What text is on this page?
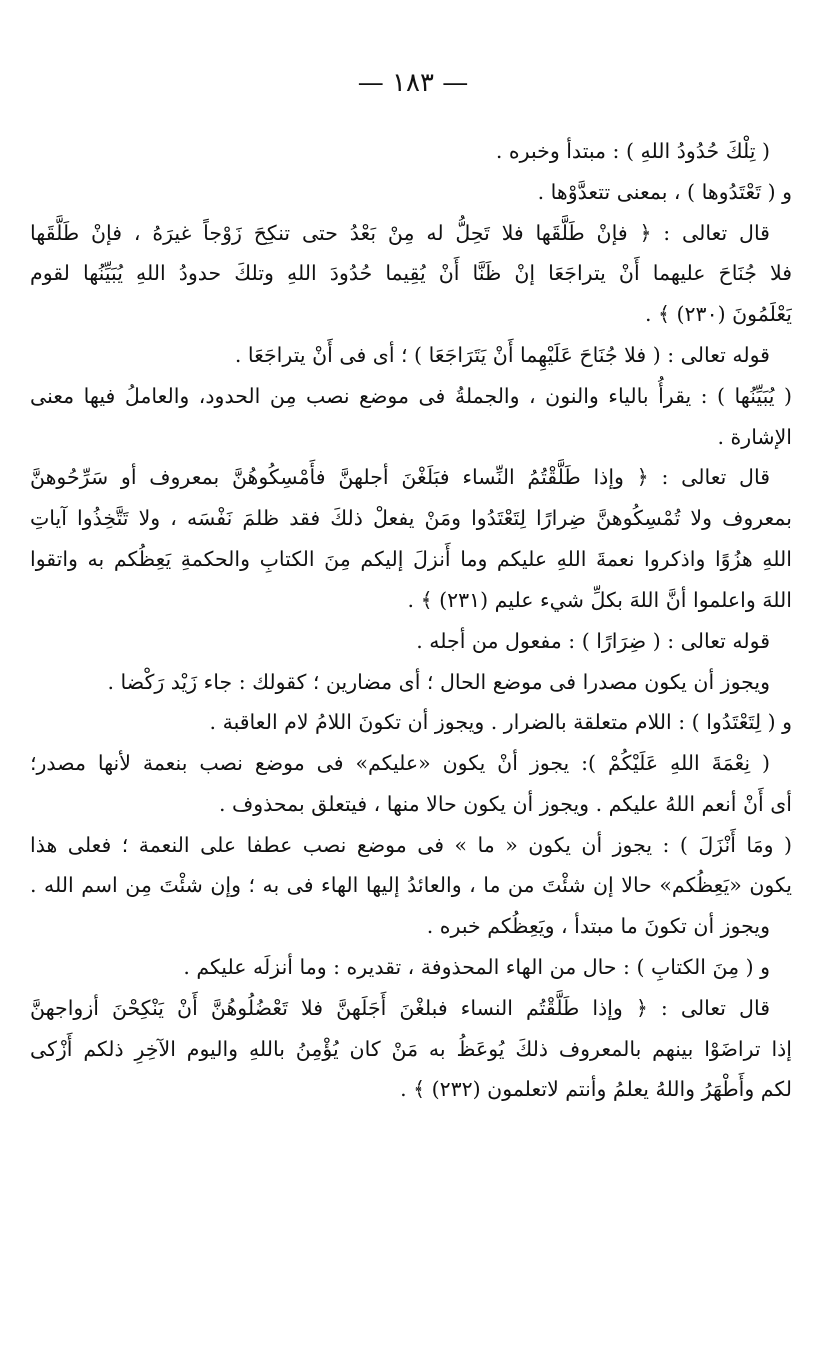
— ١٨٣ —
( تِلْكَ حُدُودُ اللهِ ) : مبتدأ وخبره .
و ( تَعْتَدُوها ) ، بمعنى تتعدَّوْها .
قال تعالى : ﴿ فإنْ طَلَّقَها فلا تَحِلُّ له مِنْ بَعْدُ حتى تنكِحَ زَوْجاً غيرَهُ ، فإنْ طَلَّقَها
فلا جُنَاحَ عليهما أَنْ يتراجَعَا إنْ ظَنَّا أَنْ يُقِيما حُدُودَ اللهِ وتلكَ حدودُ اللهِ يُبَيِّنُها لقوم
يَعْلَمُونَ (٢٣٠) ﴾ .
قوله تعالى : ( فلا جُنَاحَ عَلَيْهِما أَنْ يَتَرَاجَعَا ) ؛ أى فى أَنْ يتراجَعَا .
( يُبَيِّنُها ) : يقرأُ بالياء والنون ، والجملةُ فى موضع نصب مِن الحدود، والعاملُ فيها معنى
الإشارة .
قال تعالى : ﴿ وإذا طَلَّقْتُمُ النِّساء فبَلَغْنَ أجلهنَّ فأَمْسِكُوهُنَّ بمعروف أو سَرِّحُوهنَّ
بمعروف ولا تُمْسِكُوهنَّ ضِرارًا لِتَعْتَدُوا ومَنْ يفعلْ ذلكَ فقد ظلمَ نَفْسَه ، ولا تَتَّخِذُوا آياتِ
اللهِ هزُوًا واذكروا نعمةَ اللهِ عليكم وما أَنزلَ إليكم مِنَ الكتابِ والحكمةِ يَعِظُكم به واتقوا
اللهَ واعلموا أنَّ اللهَ بكلِّ شيء عليم (٢٣١) ﴾ .
قوله تعالى : ( ضِرَارًا ) : مفعول من أجله .
ويجوز أن يكون مصدرا فى موضع الحال ؛ أى مضارين ؛ كقولك : جاء زَيْد رَكْضا .
و ( لِتَعْتَدُوا ) : اللام متعلقة بالضرار . ويجوز أن تكونَ اللامُ لام العاقبة .
( نِعْمَةَ اللهِ عَلَيْكُمْ ): يجوز أنْ يكون «عليكم» فى موضع نصب بنعمة لأنها مصدر؛
أى أَنْ أنعم اللهُ عليكم . ويجوز أن يكون حالا منها ، فيتعلق بمحذوف .
( ومَا أَنْزَلَ ) : يجوز أن يكون « ما » فى موضع نصب عطفا على النعمة ؛ فعلى هذا
يكون «يَعِظُكم» حالا إن شئْتَ من ما ، والعائدُ إليها الهاء فى به ؛ وإن شئْتَ مِن اسم الله .
ويجوز أن تكونَ ما مبتدأ ، ويَعِظُكم خبره .
و ( مِنَ الكتابِ ) : حال من الهاء المحذوفة ، تقديره : وما أنزلَه عليكم .
قال تعالى : ﴿ وإذا طَلَّقْتُم النساء فبلغْنَ أَجَلَهنَّ فلا تَعْضُلُوهُنَّ أَنْ يَنْكِحْنَ أزواجهنَّ
إذا تراضَوْا بينهم بالمعروف ذلكَ يُوعَظُ به مَنْ كان يُؤْمِنُ باللهِ واليوم الآخِرِ ذلكم أَزْكى
لكم وأَطْهَرُ واللهُ يعلمُ وأنتم لاتعلمون (٢٣٢) ﴾ .
